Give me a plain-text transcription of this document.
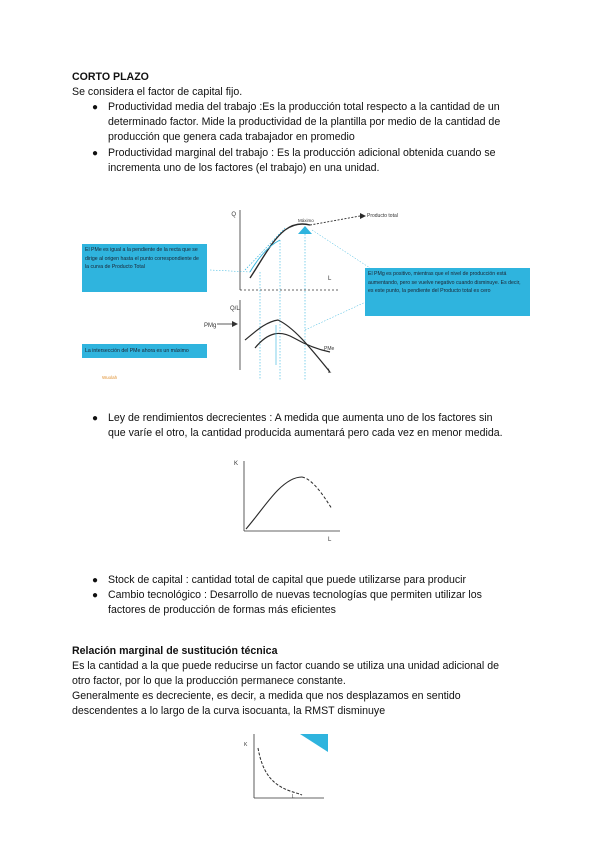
CORTO PLAZO
Se considera el factor de capital fijo.
● Productividad media del trabajo :Es la producción total respecto a la cantidad de un
determinado factor. Mide la productividad de la plantilla por medio de la cantidad de
producción que genera cada trabajador en promedio
● Productividad marginal del trabajo : Es la producción adicional obtenida cuando se
incrementa uno de los factores (el trabajo) en una unidad.
Q
L
Producto total
Máximo
Q/L
PMg
PMe
L
Wuolah
El PMe es igual a la pendiente de la recta que se dirige al origen hasta el punto correspondiente de la curva de Producto Total
El PMg es positivo, mientras que el nivel de producción está aumentando, pero se vuelve negativo cuando disminuye. Es decir, es este punto, la pendiente del Producto total es cero
La intersección del PMe ahora es un máximo
● Ley de rendimientos decrecientes : A medida que aumenta uno de los factores sin
que varíe el otro, la cantidad producida aumentará pero cada vez en menor medida.
K
L
● Stock de capital : cantidad total de capital que puede utilizarse para producir
● Cambio tecnológico : Desarrollo de nuevas tecnologías que permiten utilizar los
factores de producción de formas más eficientes
Relación marginal de sustitución técnica
Es la cantidad a la que puede reducirse un factor cuando se utiliza una unidad adicional de
otro factor, por lo que la producción permanece constante.
Generalmente es decreciente, es decir, a medida que nos desplazamos en sentido
descendentes a lo largo de la curva isocuanta, la RMST disminuye
K
L
